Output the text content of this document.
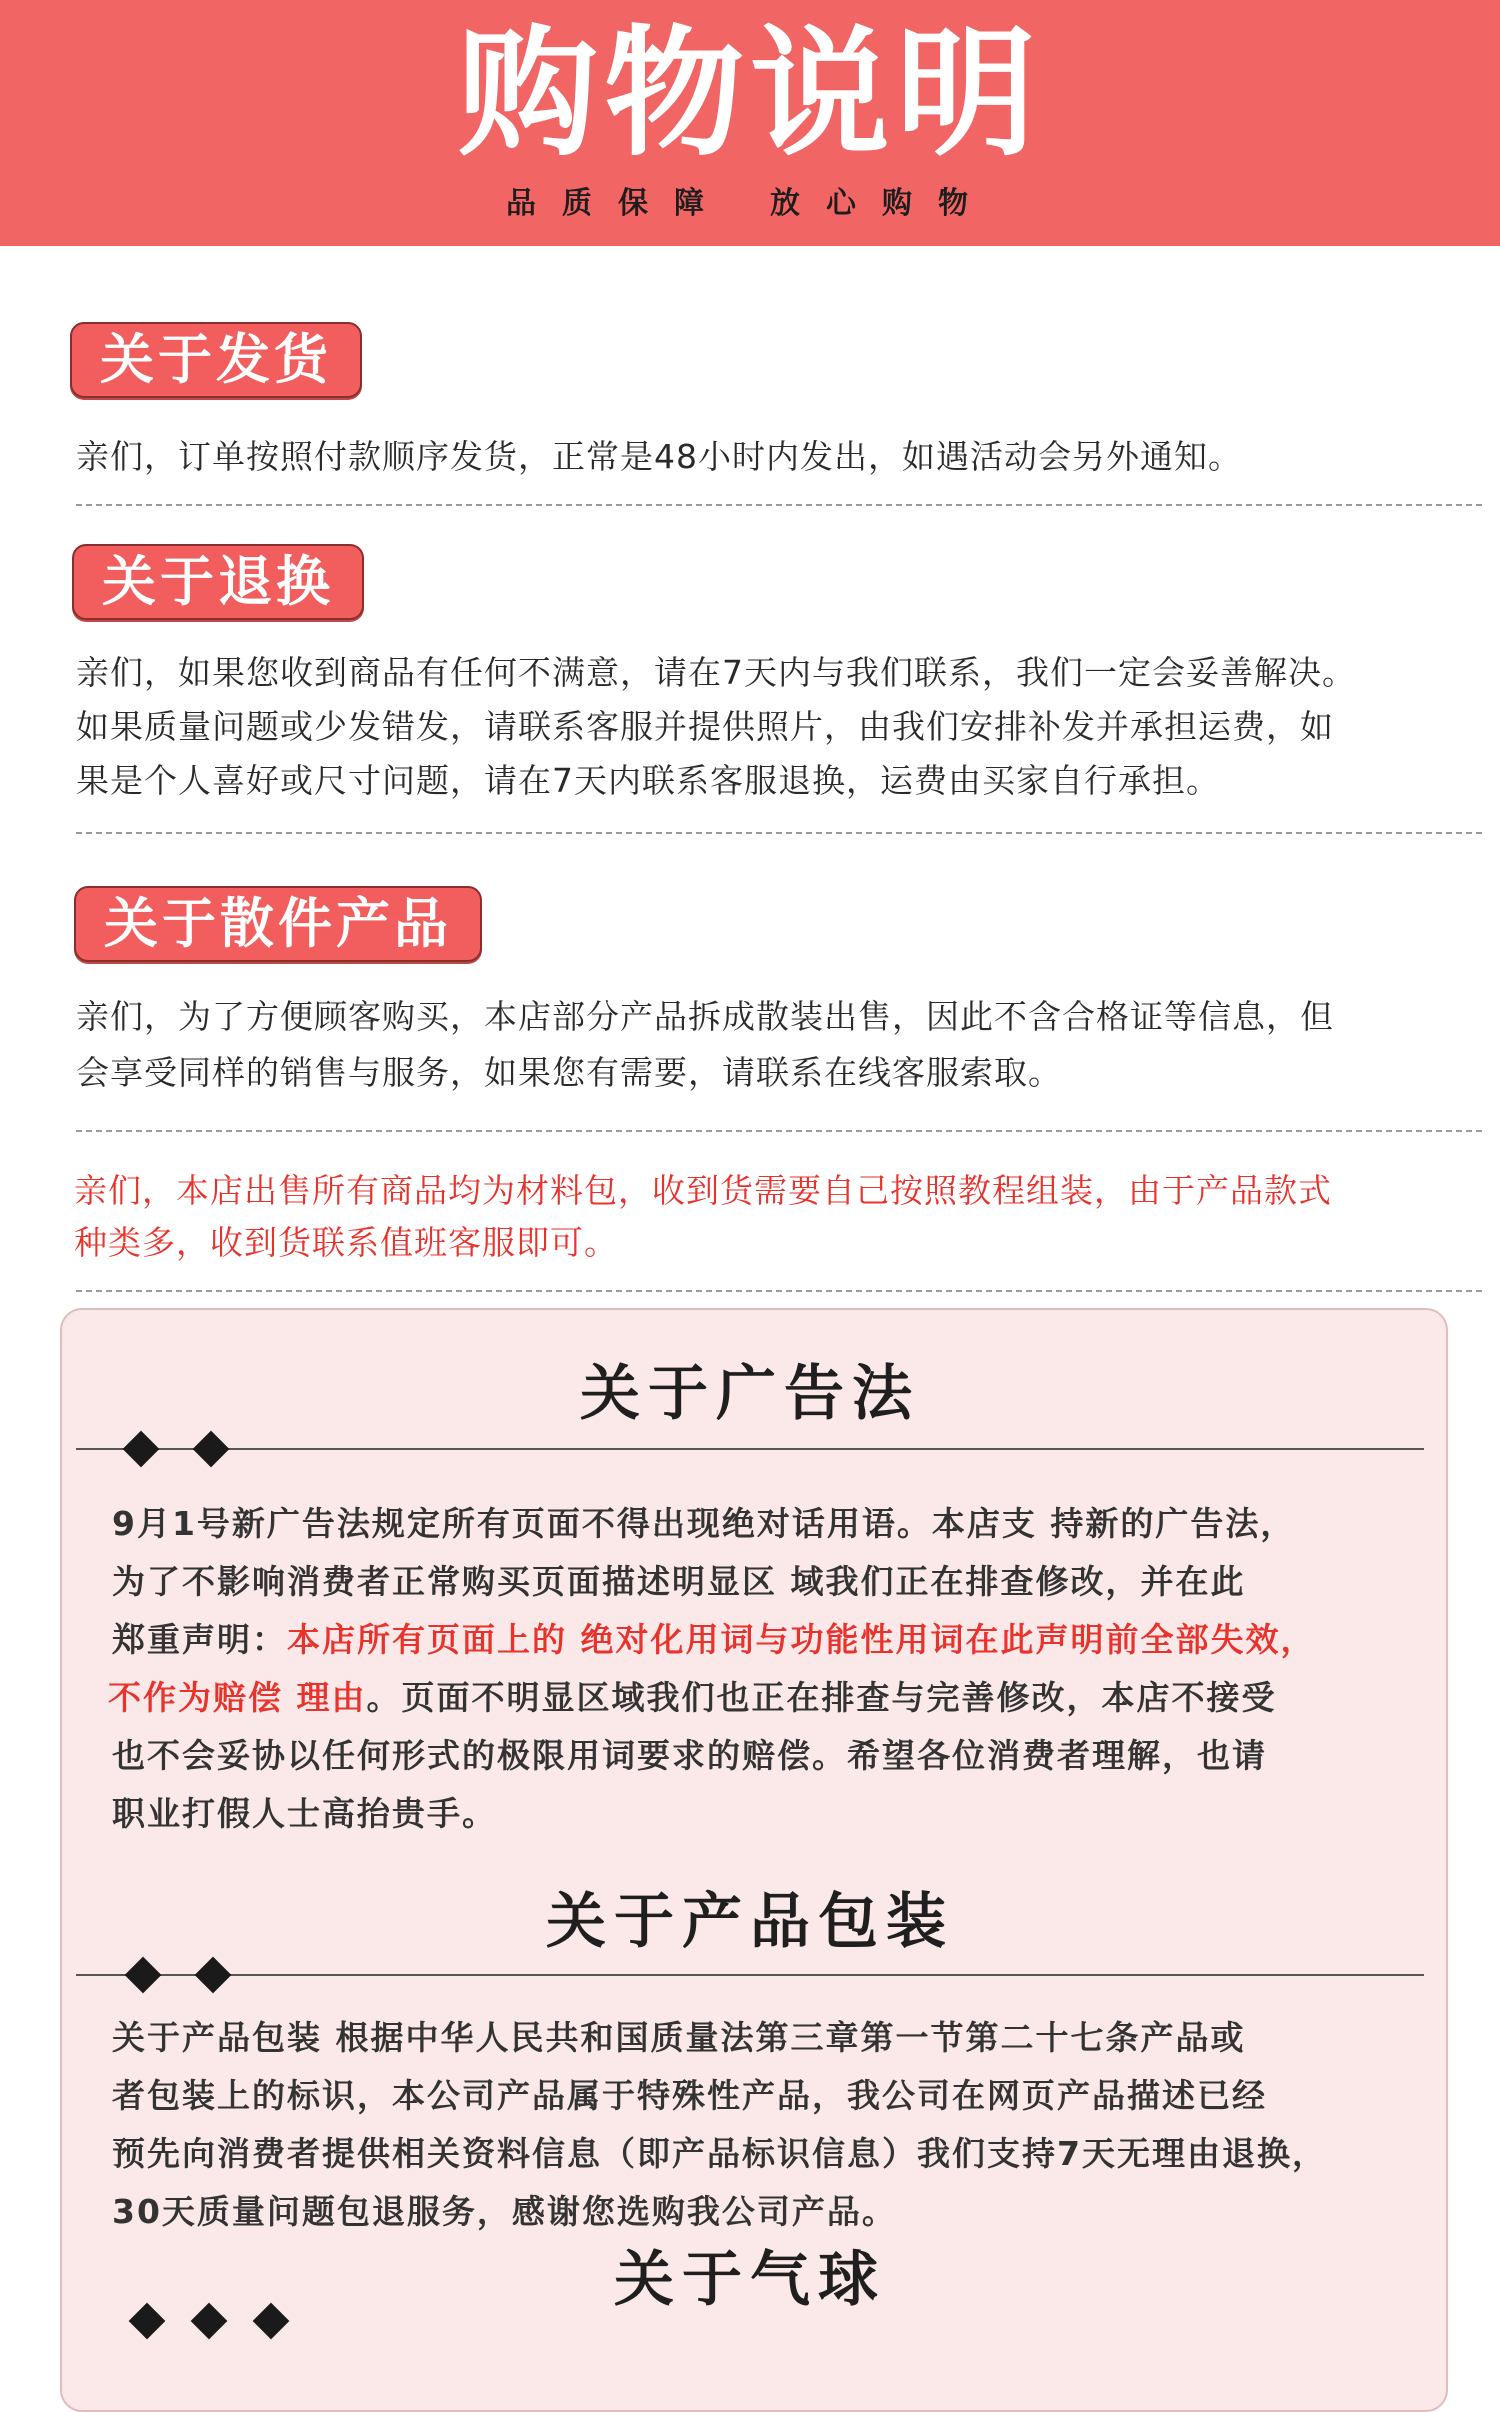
购物说明
品质保障 放心购物
关于发货
亲们，订单按照付款顺序发货，正常是48小时内发出，如遇活动会另外通知。
关于退换
亲们，如果您收到商品有任何不满意，请在7天内与我们联系，我们一定会妥善解决。
如果质量问题或少发错发，请联系客服并提供照片，由我们安排补发并承担运费，如
果是个人喜好或尺寸问题，请在7天内联系客服退换，运费由买家自行承担。
关于散件产品
亲们，为了方便顾客购买，本店部分产品拆成散装出售，因此不含合格证等信息，但
会享受同样的销售与服务，如果您有需要，请联系在线客服索取。
亲们，本店出售所有商品均为材料包，收到货需要自己按照教程组装，由于产品款式
种类多，收到货联系值班客服即可。
关于广告法
9月1号新广告法规定所有页面不得出现绝对话用语。本店支 持新的广告法，
为了不影响消费者正常购买页面描述明显区 域我们正在排查修改，并在此
郑重声明：本店所有页面上的 绝对化用词与功能性用词在此声明前全部失效，
不作为赔偿 理由。页面不明显区域我们也正在排查与完善修改，本店不接受
也不会妥协以任何形式的极限用词要求的赔偿。希望各位消费者理解，也请
职业打假人士高抬贵手。
关于产品包装
关于产品包装 根据中华人民共和国质量法第三章第一节第二十七条产品或
者包装上的标识，本公司产品属于特殊性产品，我公司在网页产品描述已经
预先向消费者提供相关资料信息（即产品标识信息）我们支持7天无理由退换，
30天质量问题包退服务，感谢您选购我公司产品。
关于气球
